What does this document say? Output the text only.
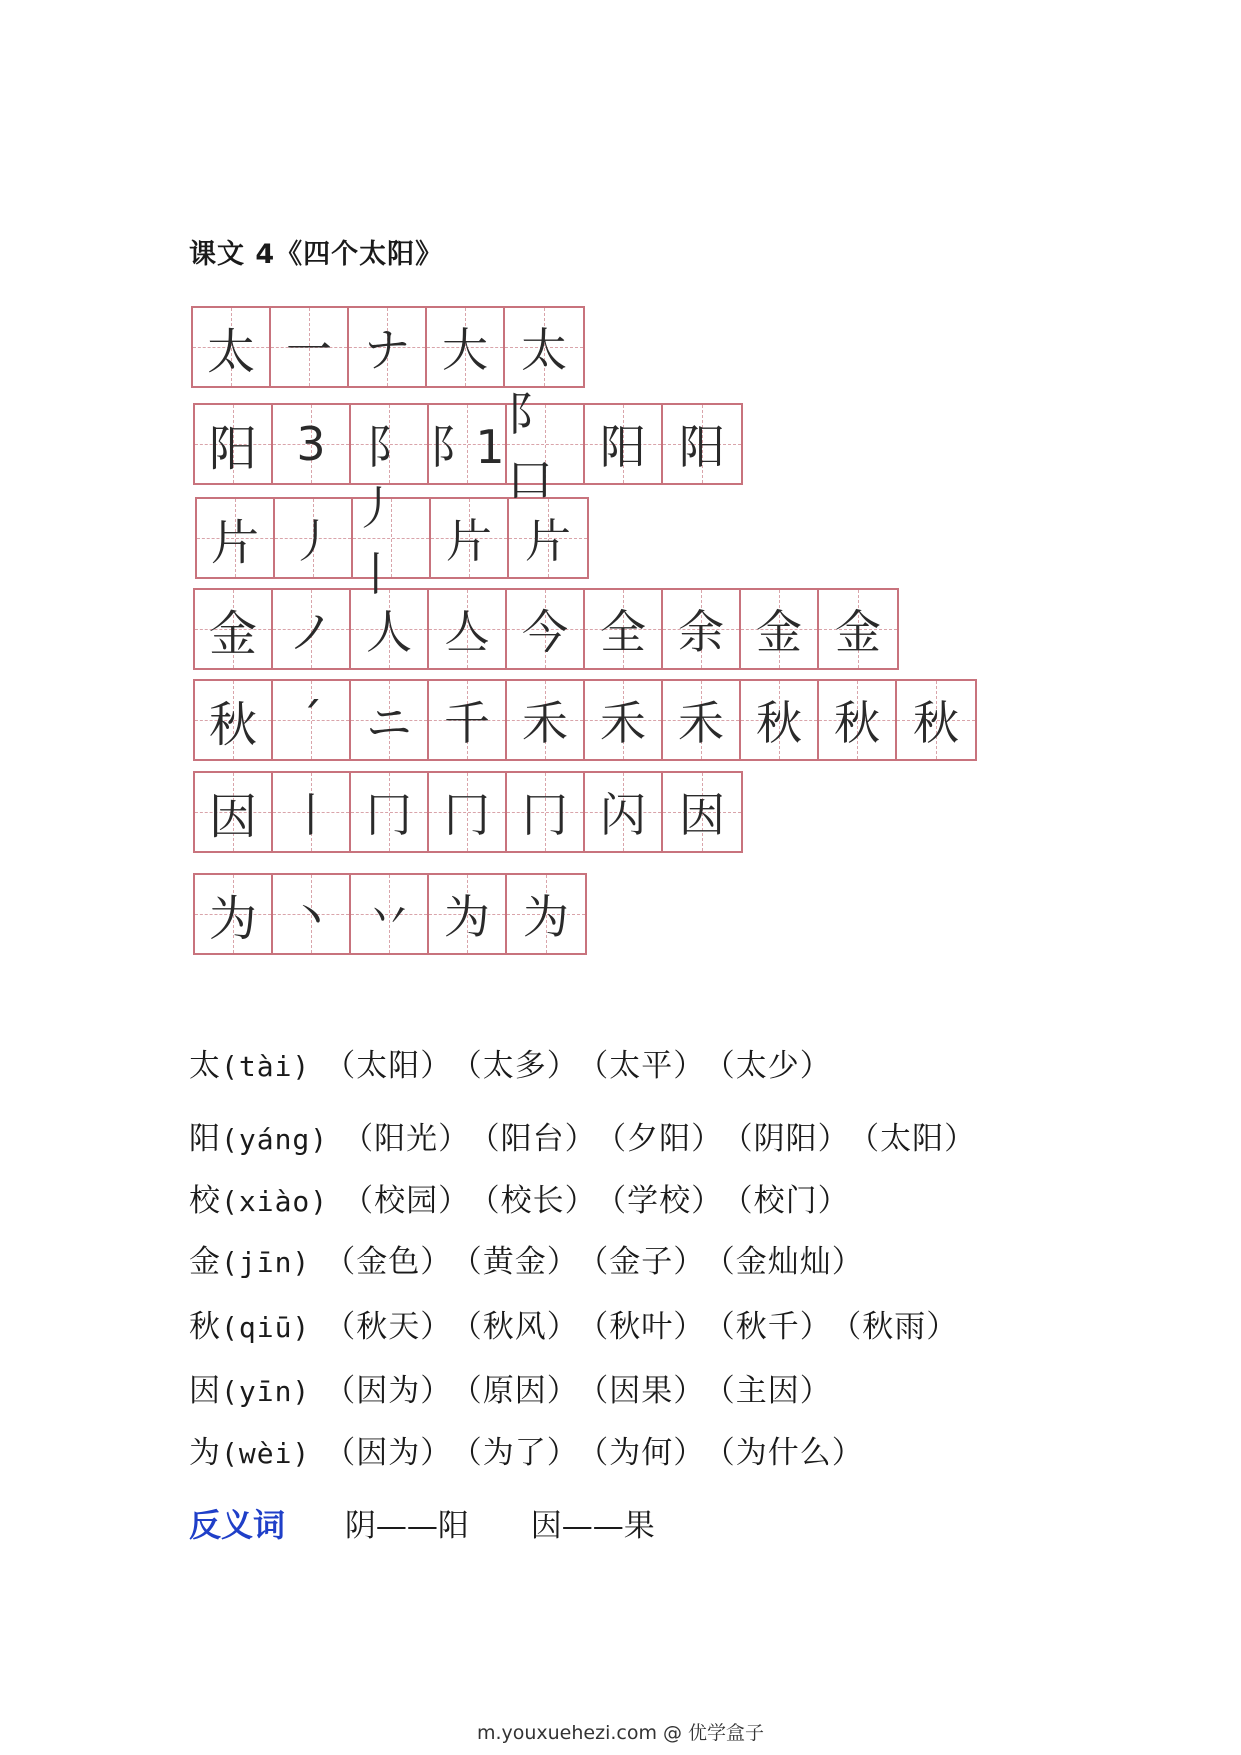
课文 4《四个太阳》
太 一 ナ 大 太
阳 3 阝 阝1
阝口
阳 阳
片 丿
丿丨
片 片
金 ノ 人 亼 今 全 余 金 金
秋 ˊ ニ 千 禾 禾 禾 秋 秋 秋
因 丨 冂 冂 冂 闪 因
为 丶 丷 为 为
太(tài) （太阳） （太多） （太平） （太少）
阳(yáng) （阳光） （阳台） （夕阳） （阴阳） （太阳）
校(xiào) （校园） （校长） （学校） （校门）
金(jīn) （金色） （黄金） （金子） （金灿灿）
秋(qiū) （秋天） （秋风） （秋叶） （秋千） （秋雨）
因(yīn) （因为） （原因） （因果） （主因）
为(wèi) （因为） （为了） （为何） （为什么）
反义词 阴——阳 因——果
m.youxuehezi.com @ 优学盒子
